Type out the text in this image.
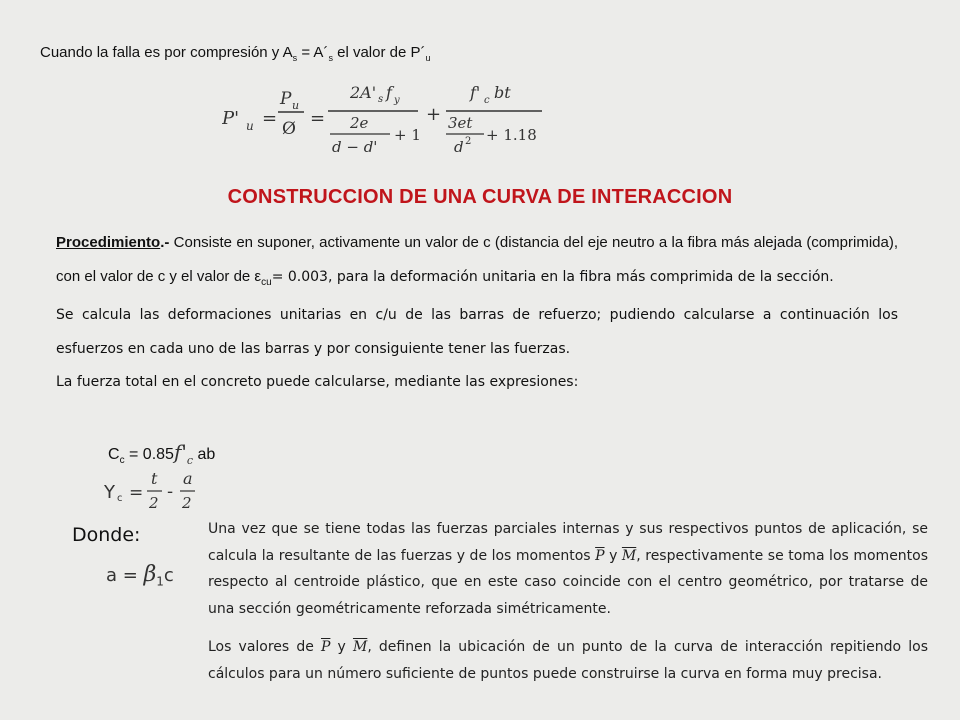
Cuando la falla es por compresión y $A_s$ = $A´_s$ el valor de $P´_u$
P' u =
P u
Ø =
2A' s f y
2e
d − d'
+ 1
+
f' c bt
3et
d 2 + 1.18
CONSTRUCCION DE UNA CURVA DE INTERACCION

Procedimiento.- Consiste en suponer, activamente un valor de c (distancia del eje neutro a la fibra más alejada (comprimida), con el valor de c y el valor de $\varepsilon_{cu}= 0.003$, para la deformación unitaria en la fibra más comprimida de la sección.

Se calcula las deformaciones unitarias en c/u de las barras de refuerzo; pudiendo calcularse a continuación los esfuerzos en cada uno de las barras y por consiguiente tener las fuerzas.

La fuerza total en el concreto puede calcularse, mediante las expresiones:

$C_c = 0.85f'_c$ ab
Y c =
t
2
-
a
2
Donde:
$a = \beta_1c$

Una vez que se tiene todas las fuerzas parciales internas y sus respectivos puntos de aplicación, se calcula la resultante de las fuerzas y de los momentos $\overline{P}$ y $\overline{M}$, respectivamente se toma los momentos respecto al centroide plástico, que en este caso coincide con el centro geométrico, por tratarse de una sección geométricamente reforzada simétricamente.

Los valores de $\overline{P}$ y $\overline{M}$, definen la ubicación de un punto de la curva de interacción repitiendo los cálculos para un número suficiente de puntos puede construirse la curva en forma muy precisa.
